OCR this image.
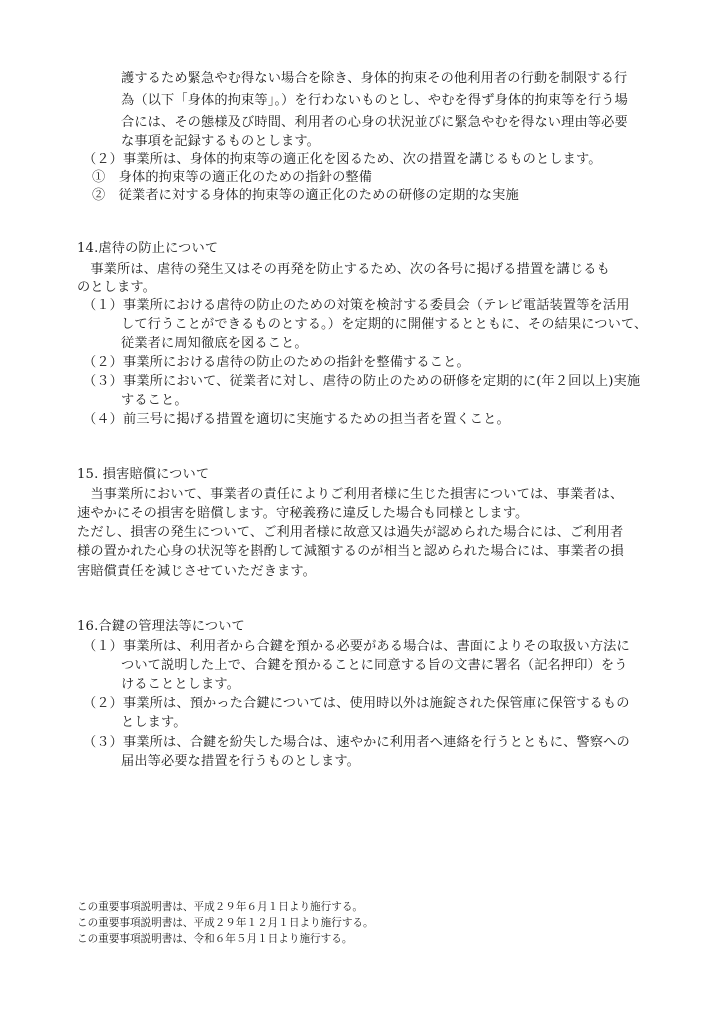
護するため緊急やむ得ない場合を除き、身体的拘束その他利用者の行動を制限する行
為（以下「身体的拘束等」。）を行わないものとし、やむを得ず身体的拘束等を行う場
合には、その態様及び時間、利用者の心身の状況並びに緊急やむを得ない理由等必要
な事項を記録するものとします。
（２）事業所は、身体的拘束等の適正化を図るため、次の措置を講じるものとします。
①　身体的拘束等の適正化のための指針の整備
②　従業者に対する身体的拘束等の適正化のための研修の定期的な実施
14.虐待の防止について
　事業所は、虐待の発生又はその再発を防止するため、次の各号に掲げる措置を講じるも
のとします。
（１）事業所における虐待の防止のための対策を検討する委員会（テレビ電話装置等を活用
して行うことができるものとする。）を定期的に開催するとともに、その結果について、
従業者に周知徹底を図ること。
（２）事業所における虐待の防止のための指針を整備すること。
（３）事業所において、従業者に対し、虐待の防止のための研修を定期的に(年２回以上)実施
すること。
（４）前三号に掲げる措置を適切に実施するための担当者を置くこと。
15. 損害賠償について
　当事業所において、事業者の責任によりご利用者様に生じた損害については、事業者は、
速やかにその損害を賠償します。守秘義務に違反した場合も同様とします。
ただし、損害の発生について、ご利用者様に故意又は過失が認められた場合には、ご利用者
様の置かれた心身の状況等を斟酌して減額するのが相当と認められた場合には、事業者の損
害賠償責任を減じさせていただきます。
16.合鍵の管理法等について
（１）事業所は、利用者から合鍵を預かる必要がある場合は、書面によりその取扱い方法に
ついて説明した上で、合鍵を預かることに同意する旨の文書に署名（記名押印）をう
けることとします。
（２）事業所は、預かった合鍵については、使用時以外は施錠された保管庫に保管するもの
とします。
（３）事業所は、合鍵を紛失した場合は、速やかに利用者へ連絡を行うとともに、警察への
届出等必要な措置を行うものとします。
この重要事項説明書は、平成２９年６月１日より施行する。
この重要事項説明書は、平成２９年１２月１日より施行する。
この重要事項説明書は、令和６年５月１日より施行する。
